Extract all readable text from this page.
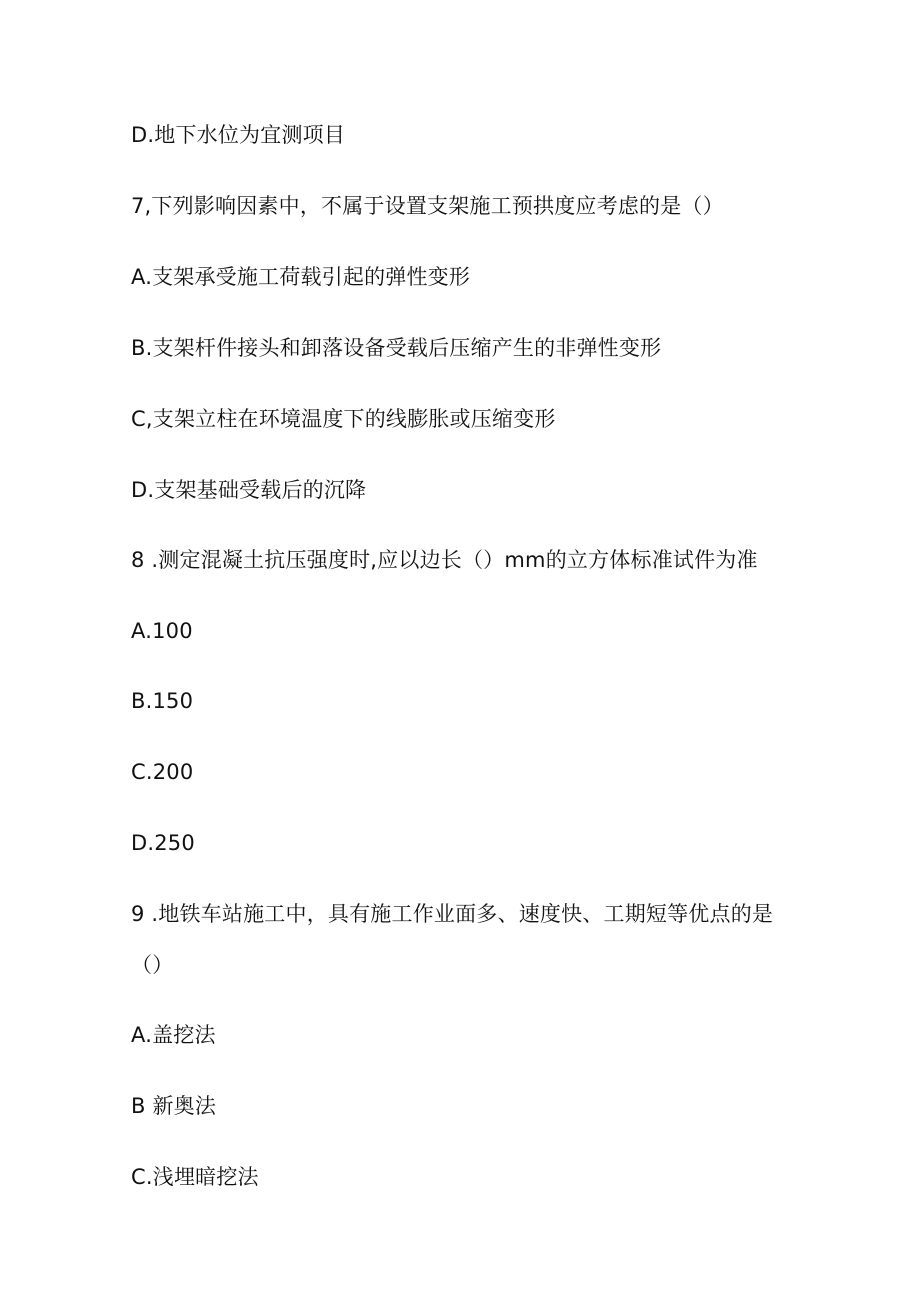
D.地下水位为宜测项目
7,下列影响因素中，不属于设置支架施工预拱度应考虑的是（）
A.支架承受施工荷载引起的弹性变形
B.支架杆件接头和卸落设备受载后压缩产生的非弹性变形
C,支架立柱在环境温度下的线膨胀或压缩变形
D.支架基础受载后的沉降
8 .测定混凝土抗压强度时,应以边长（）mm的立方体标准试件为准
A.100
B.150
C.200
D.250
9 .地铁车站施工中，具有施工作业面多、速度快、工期短等优点的是
（）
A.盖挖法
B 新奥法
C.浅埋暗挖法
